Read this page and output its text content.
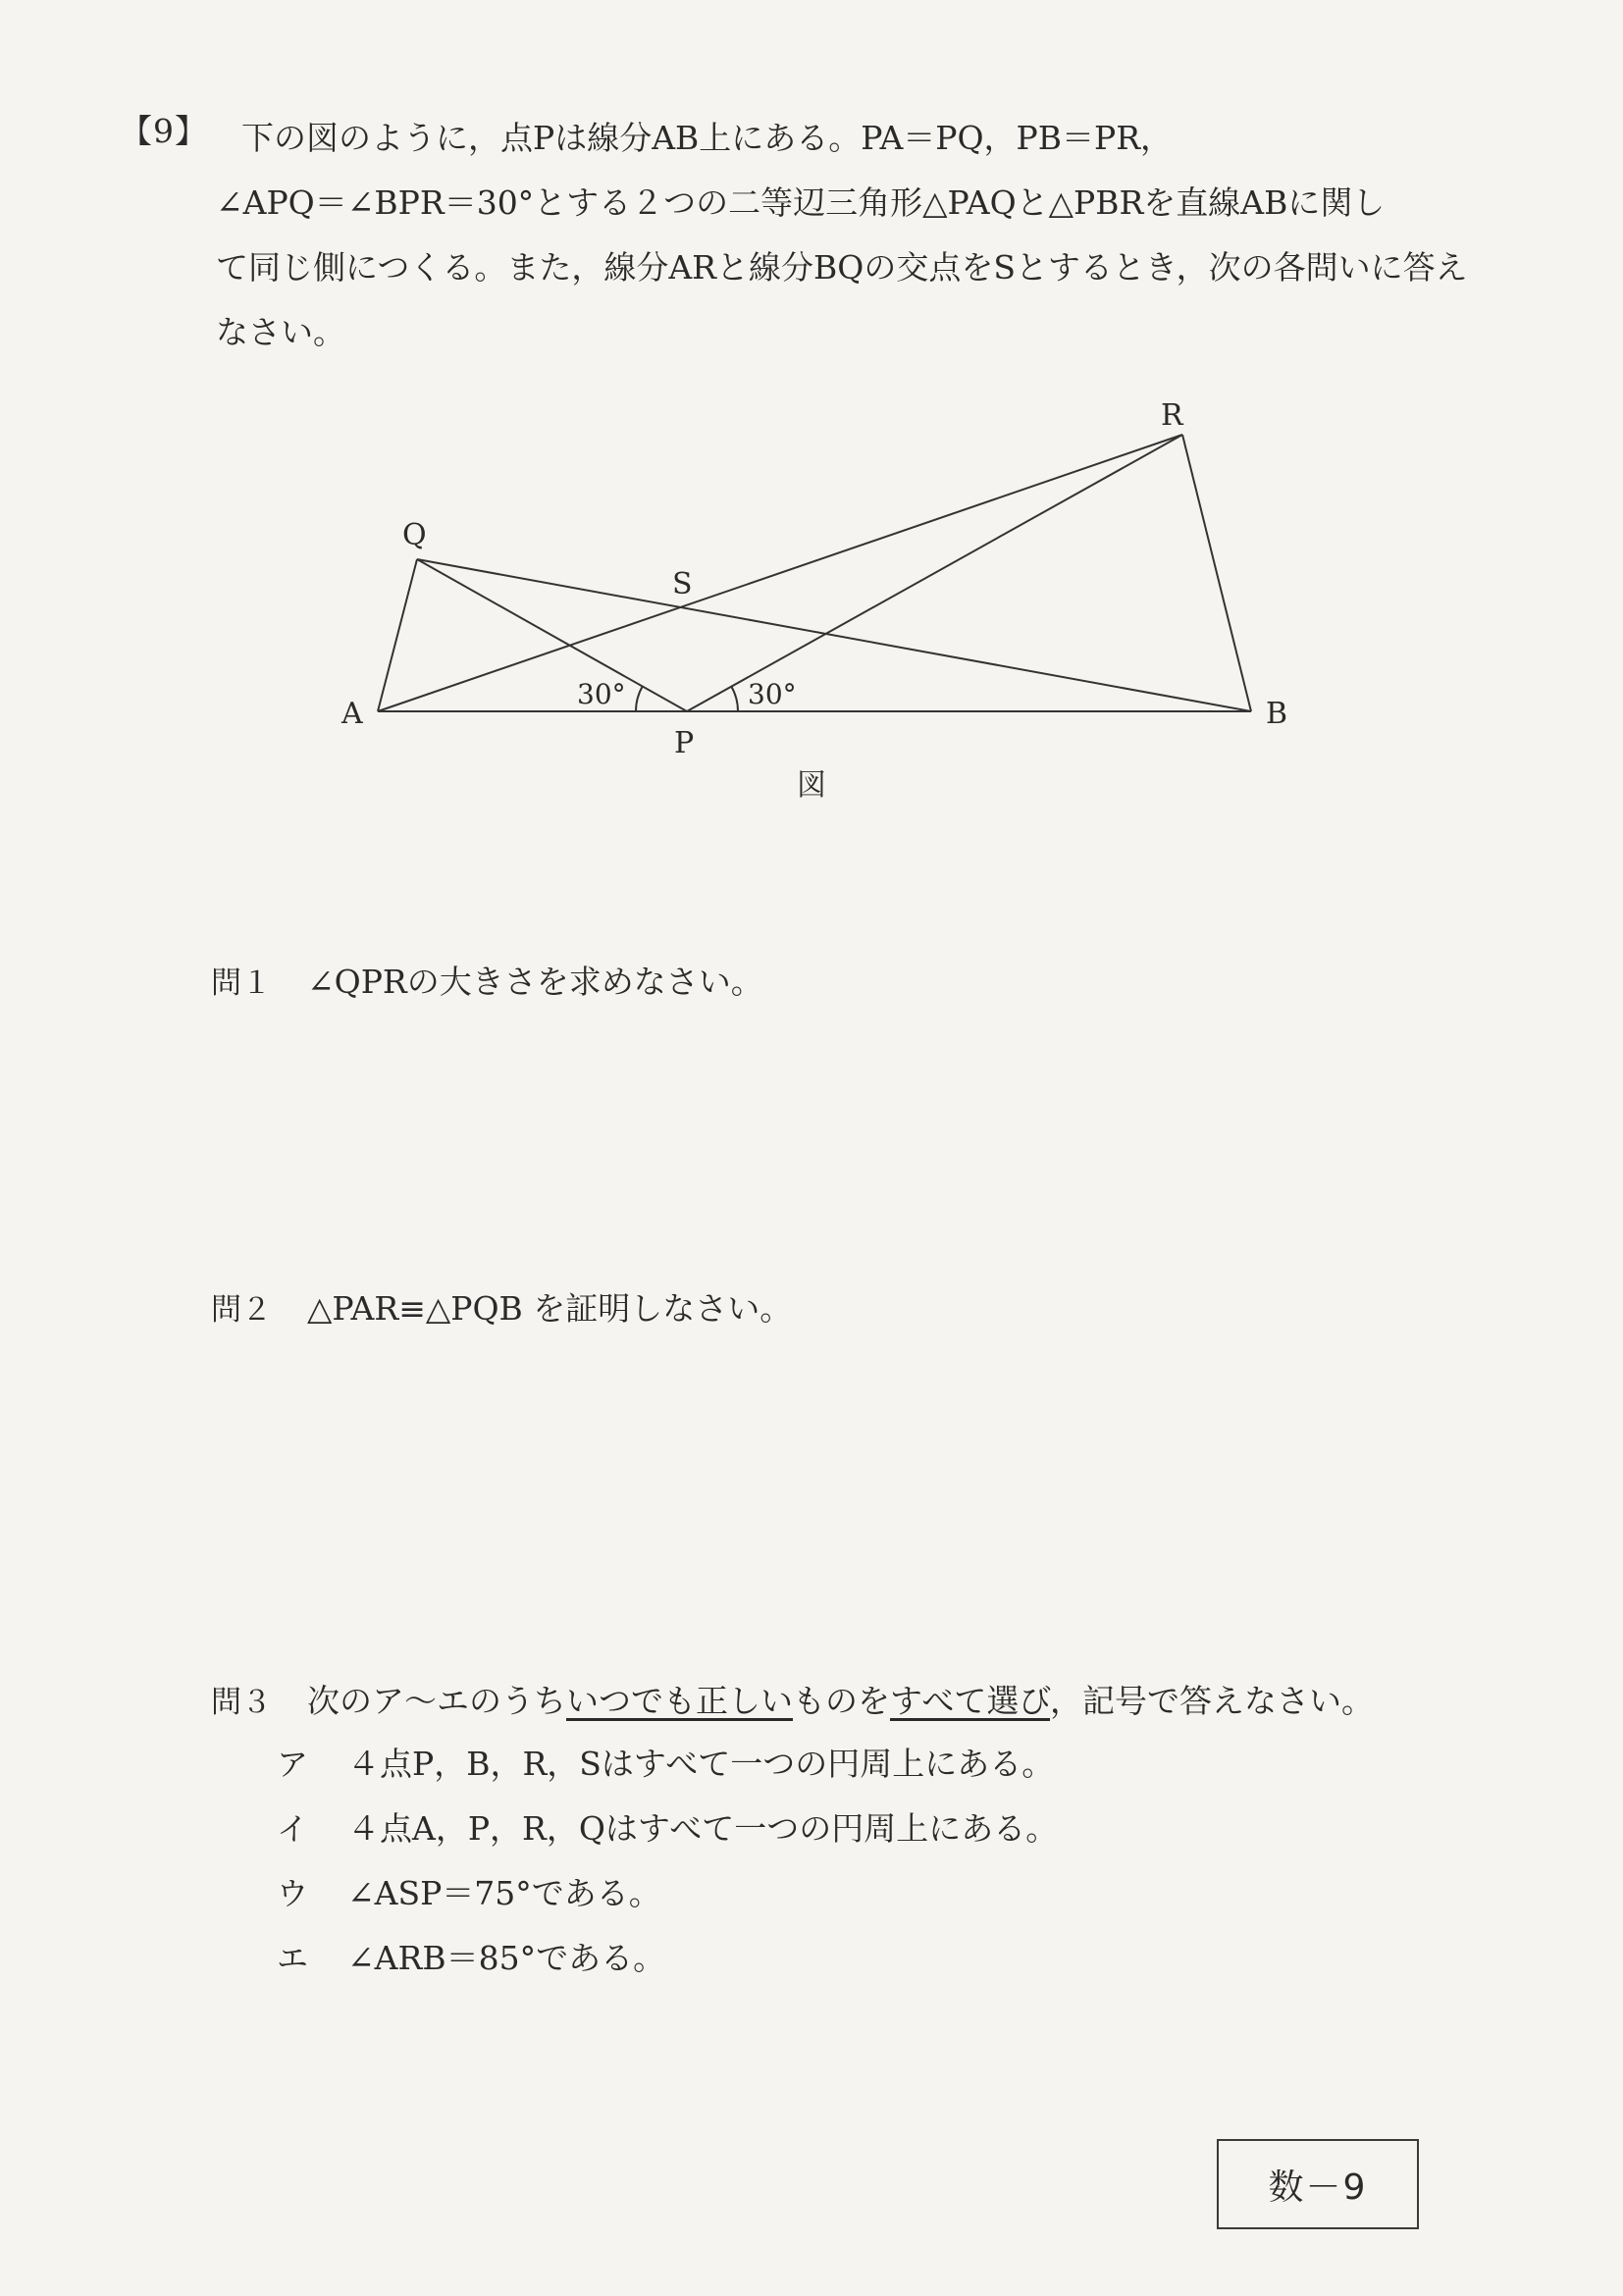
【9】	下の図のように，点Pは線分AB上にある。PA＝PQ，PB＝PR，
∠APQ＝∠BPR＝30°とする２つの二等辺三角形△PAQと△PBRを直線ABに関し
て同じ側につくる。また，線分ARと線分BQの交点をSとするとき，次の各問いに答え
なさい。
Q
R
S
A
P
B
30°	30°
図
問１ ∠QPRの大きさを求めなさい。
問２ △PAR≡△PQB を証明しなさい。
問３ 次のア～エのうちいつでも正しいものをすべて選び，記号で答えなさい。
ア ４点P，B，R，Sはすべて一つの円周上にある。
イ ４点A，P，R，Qはすべて一つの円周上にある。
ウ ∠ASP＝75°である。
エ ∠ARB＝85°である。
数－9
